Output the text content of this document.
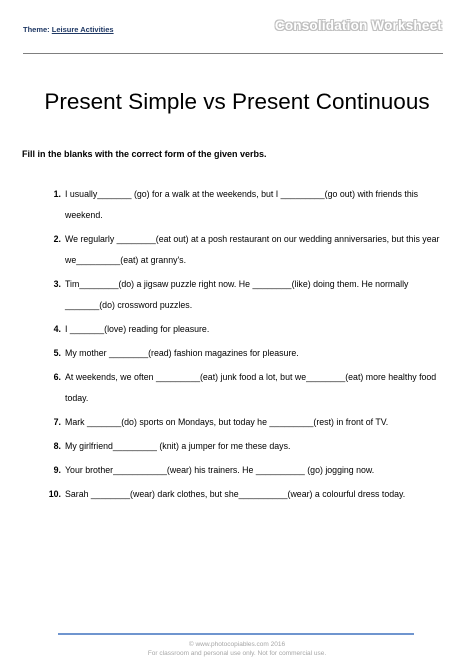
Theme: Leisure Activities	Consolidation Worksheet
Present Simple vs Present Continuous
Fill in the blanks with the correct form of the given verbs.
1. I usually_______ (go) for a walk at the weekends, but I _________(go out) with friends this weekend.
2. We regularly ________(eat out) at a posh restaurant on our wedding anniversaries, but this year we_________(eat) at granny's.
3. Tim________(do) a jigsaw puzzle right now. He ________(like) doing them. He normally _______(do) crossword puzzles.
4. I _______(love) reading for pleasure.
5. My mother ________(read) fashion magazines for pleasure.
6. At weekends, we often _________(eat) junk food a lot, but we________(eat) more healthy food today.
7. Mark _______(do) sports on Mondays, but today he _________(rest) in front of TV.
8. My girlfriend_________ (knit) a jumper for me these days.
9. Your brother___________(wear) his trainers. He __________ (go) jogging now.
10. Sarah ________(wear) dark clothes, but she__________(wear) a colourful dress today.
© www.photocopiables.com 2016
For classroom and personal use only. Not for commercial use.
